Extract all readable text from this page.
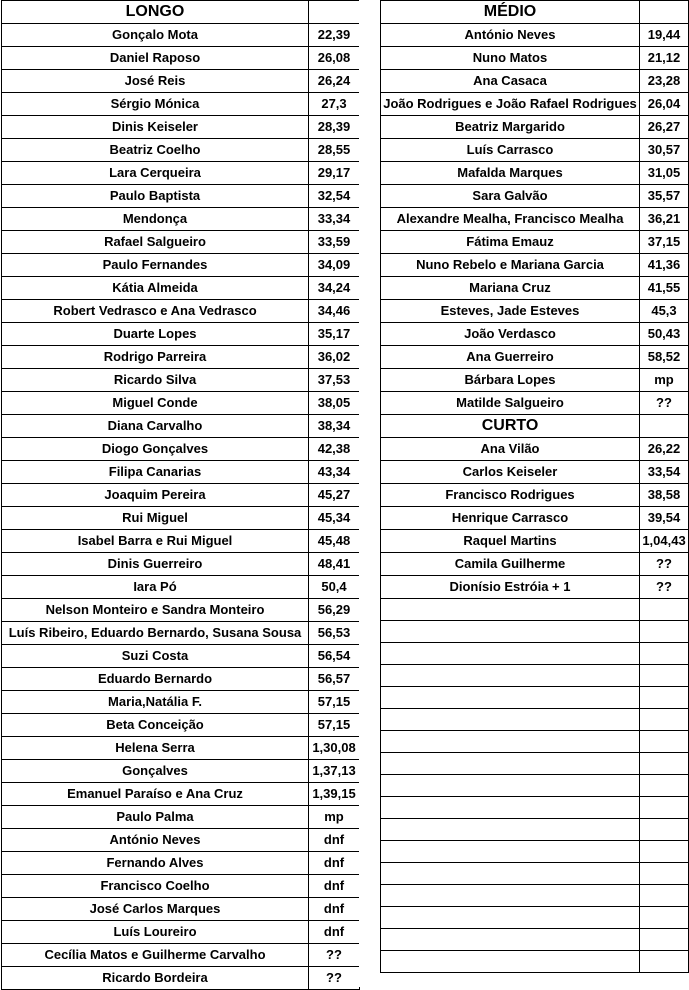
LONGO	
Gonçalo Mota	22,39
Daniel Raposo	26,08
José Reis	26,24
Sérgio Mónica	27,3
Dinis Keiseler	28,39
Beatriz Coelho	28,55
Lara Cerqueira	29,17
Paulo Baptista	32,54
Mendonça	33,34
Rafael Salgueiro	33,59
Paulo Fernandes	34,09
Kátia Almeida	34,24
Robert Vedrasco e Ana Vedrasco	34,46
Duarte Lopes	35,17
Rodrigo Parreira	36,02
Ricardo Silva	37,53
Miguel Conde	38,05
Diana Carvalho	38,34
Diogo Gonçalves	42,38
Filipa Canarias	43,34
Joaquim Pereira	45,27
Rui Miguel	45,34
Isabel Barra e Rui Miguel	45,48
Dinis Guerreiro	48,41
Iara Pó	50,4
Nelson Monteiro e Sandra Monteiro	56,29
Luís Ribeiro, Eduardo Bernardo, Susana Sousa	56,53
Suzi Costa	56,54
Eduardo Bernardo	56,57
Maria,Natália F.	57,15
Beta Conceição	57,15
Helena Serra	1,30,08
Gonçalves	1,37,13
Emanuel Paraíso e Ana Cruz	1,39,15
Paulo Palma	mp
António Neves	dnf
Fernando Alves	dnf
Francisco Coelho	dnf
José Carlos Marques	dnf
Luís Loureiro	dnf
Cecília Matos e Guilherme Carvalho	??
Ricardo Bordeira	??
MÉDIO	
António Neves	19,44
Nuno Matos	21,12
Ana Casaca	23,28
João Rodrigues e João Rafael Rodrigues	26,04
Beatriz Margarido	26,27
Luís Carrasco	30,57
Mafalda Marques	31,05
Sara Galvão	35,57
Alexandre Mealha, Francisco Mealha	36,21
Fátima Emauz	37,15
Nuno Rebelo e Mariana Garcia	41,36
Mariana Cruz	41,55
Esteves, Jade Esteves	45,3
João Verdasco	50,43
Ana Guerreiro	58,52
Bárbara Lopes	mp
Matilde Salgueiro	??
CURTO	
Ana Vilão	26,22
Carlos Keiseler	33,54
Francisco Rodrigues	38,58
Henrique Carrasco	39,54
Raquel Martins	1,04,43
Camila Guilherme	??
Dionísio Estróia + 1	??
